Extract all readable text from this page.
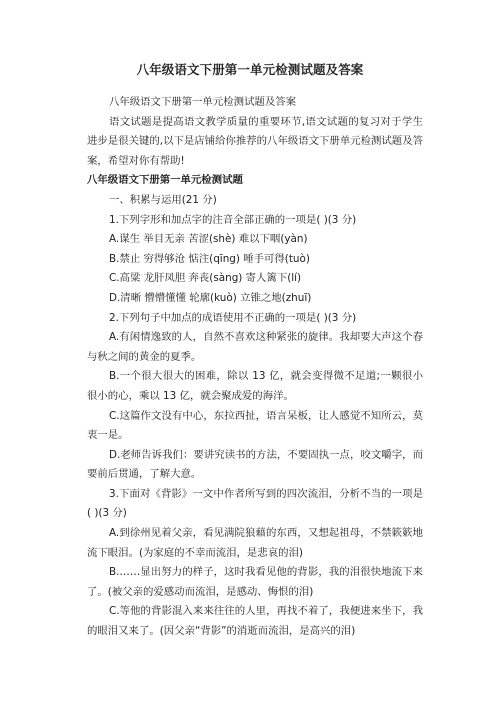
八年级语文下册第一单元检测试题及答案

八年级语文下册第一单元检测试题及答案

语文试题是提高语文教学质量的重要环节,语文试题的复习对于学生进步是很关键的,以下是店铺给你推荐的八年级语文下册单元检测试题及答案，希望对你有帮助!

八年级语文下册第一单元检测试题

一、积累与运用(21 分)

1.下列字形和加点字的注音全部正确的一项是( )(3 分)

A.谋生 举目无亲 苦涩(shè) 难以下咽(yàn)

B.禁止 穷得够沧 惦注(qīng) 唾手可得(tuò)

C.高粱 龙肝凤胆 奔丧(sàng) 寄人篱下(lí)

D.清晰 懵懵懂懂 轮廓(kuò) 立锥之地(zhuī)

2.下列句子中加点的成语使用不正确的一项是( )(3 分)

A.有闲情逸致的人，自然不喜欢这种紧张的旋律。我却要大声这个春与秋之间的黄金的夏季。

B.一个很大很大的困难，除以 13 亿，就会变得微不足道;一颗很小很小的心，乘以 13 亿，就会聚成爱的海洋。

C.这篇作文没有中心，东拉西扯，语言呆板，让人感觉不知所云，莫衷一是。

D.老师告诉我们：要讲究读书的方法，不要固执一点，咬文嚼字，而要前后贯通，了解大意。

3.下面对《背影》一文中作者所写到的四次流泪，分析不当的一项是( )(3 分)

A.到徐州见着父亲，看见满院狼藉的东西，又想起祖母，不禁簌簌地流下眼泪。(为家庭的不幸而流泪，是悲哀的泪)

B.……显出努力的样子，这时我看见他的背影，我的泪很快地流下来了。(被父亲的爱感动而流泪，是感动、悔恨的泪)

C.等他的背影混入来来往往的人里，再找不着了，我便进来坐下，我的眼泪又来了。(因父亲“背影”的消逝而流泪，是高兴的泪)
